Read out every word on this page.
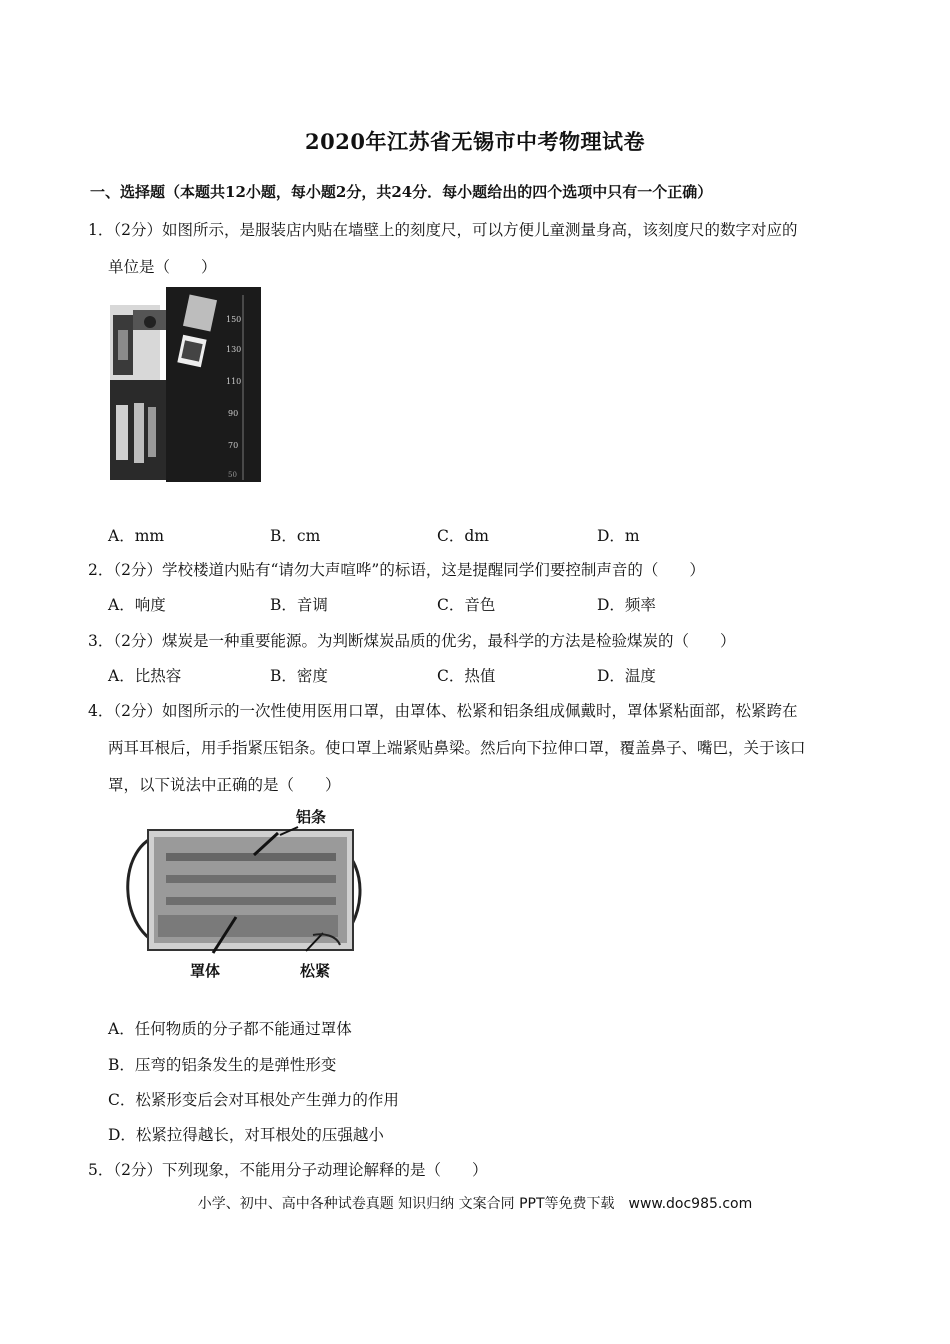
2020年江苏省无锡市中考物理试卷
一、选择题（本题共12小题，每小题2分，共24分．每小题给出的四个选项中只有一个正确）
1．（2分）如图所示，是服装店内贴在墙壁上的刻度尺，可以方便儿童测量身高，该刻度尺的数字对应的
单位是（　　）
150
130
110
90
70
50
A．mm	B．cm	C．dm	D．m
2．（2分）学校楼道内贴有“请勿大声喧哗”的标语，这是提醒同学们要控制声音的（　　）
A．响度	B．音调	C．音色	D．频率
3．（2分）煤炭是一种重要能源。为判断煤炭品质的优劣，最科学的方法是检验煤炭的（　　）
A．比热容	B．密度	C．热值	D．温度
4．（2分）如图所示的一次性使用医用口罩，由罩体、松紧和铝条组成佩戴时，罩体紧粘面部，松紧跨在
两耳耳根后，用手指紧压铝条。使口罩上端紧贴鼻梁。然后向下拉伸口罩，覆盖鼻子、嘴巴，关于该口
罩，以下说法中正确的是（　　）
铝条
罩体	松紧
A．任何物质的分子都不能通过罩体
B．压弯的铝条发生的是弹性形变
C．松紧形变后会对耳根处产生弹力的作用
D．松紧拉得越长，对耳根处的压强越小
5．（2分）下列现象，不能用分子动理论解释的是（　　）
小学、初中、高中各种试卷真题 知识归纳 文案合同 PPT等免费下载　www.doc985.com
